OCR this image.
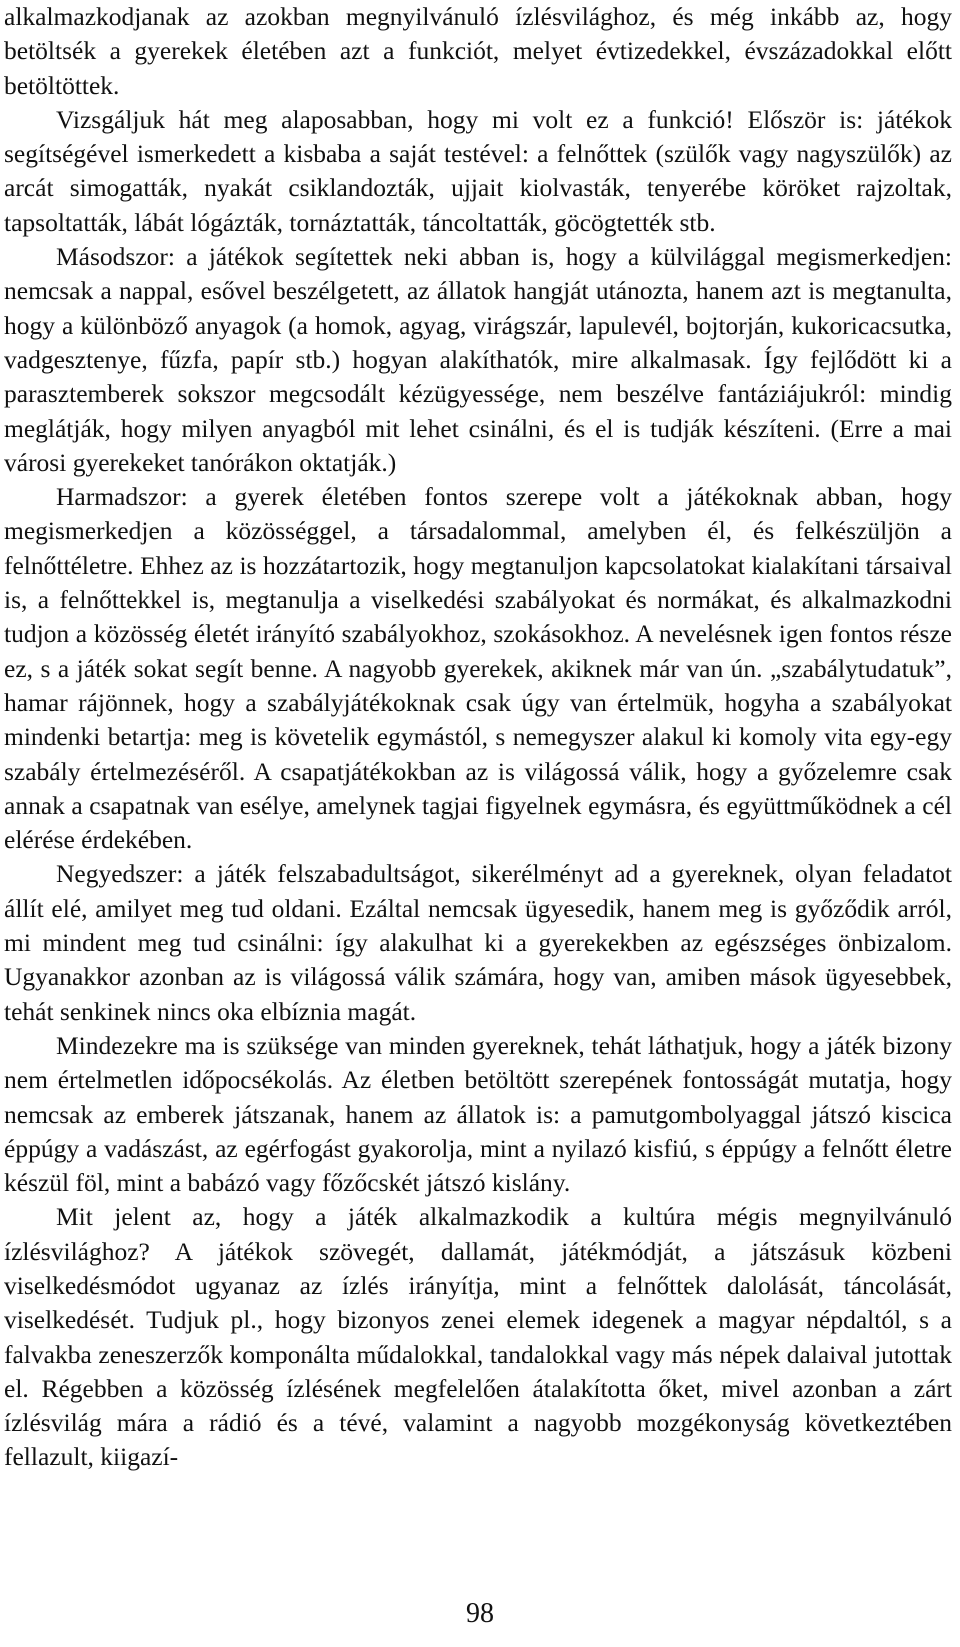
alkalmazkodjanak az azokban megnyilvánuló ízlésvilághoz, és még inkább az, hogy betöltsék a gyerekek életében azt a funkciót, melyet évtizedekkel, évszázadokkal előtt betöltöttek.

Vizsgáljuk hát meg alaposabban, hogy mi volt ez a funkció! Először is: játékok segítségével ismerkedett a kisbaba a saját testével: a felnőttek (szülők vagy nagyszülők) az arcát simogatták, nyakát csiklandozták, ujjait kiolvasták, tenyerébe köröket rajzoltak, tapsoltatták, lábát lógázták, tornáztatták, táncoltatták, göcögtették stb.

Másodszor: a játékok segítettek neki abban is, hogy a külvilággal megismerkedjen: nemcsak a nappal, esővel beszélgetett, az állatok hangját utánozta, hanem azt is megtanulta, hogy a különböző anyagok (a homok, agyag, virágszár, lapulevél, bojtorján, kukoricacsutka, vadgesztenye, fűzfa, papír stb.) hogyan alakíthatók, mire alkalmasak. Így fejlődött ki a parasztemberek sokszor megcsodált kézügyessége, nem beszélve fantáziájukról: mindig meglátják, hogy milyen anyagból mit lehet csinálni, és el is tudják készíteni. (Erre a mai városi gyerekeket tanórákon oktatják.)

Harmadszor: a gyerek életében fontos szerepe volt a játékoknak abban, hogy megismerkedjen a közösséggel, a társadalommal, amelyben él, és felkészüljön a felnőttéletre. Ehhez az is hozzátartozik, hogy megtanuljon kapcsolatokat kialakítani társaival is, a felnőttekkel is, megtanulja a viselkedési szabályokat és normákat, és alkalmazkodni tudjon a közösség életét irányító szabályokhoz, szokásokhoz. A nevelésnek igen fontos része ez, s a játék sokat segít benne. A nagyobb gyerekek, akiknek már van ún. „szabálytudatuk”, hamar rájönnek, hogy a szabályjátékoknak csak úgy van értelmük, hogyha a szabályokat mindenki betartja: meg is követelik egymástól, s nemegyszer alakul ki komoly vita egy-egy szabály értelmezéséről. A csapatjátékokban az is világossá válik, hogy a győzelemre csak annak a csapatnak van esélye, amelynek tagjai figyelnek egymásra, és együttműködnek a cél elérése érdekében.

Negyedszer: a játék felszabadultságot, sikerélményt ad a gyereknek, olyan feladatot állít elé, amilyet meg tud oldani. Ezáltal nemcsak ügyesedik, hanem meg is győződik arról, mi mindent meg tud csinálni: így alakulhat ki a gyerekekben az egészséges önbizalom. Ugyanakkor azonban az is világossá válik számára, hogy van, amiben mások ügyesebbek, tehát senkinek nincs oka elbíznia magát.

Mindezekre ma is szüksége van minden gyereknek, tehát láthatjuk, hogy a játék bizony nem értelmetlen időpocsékolás. Az életben betöltött szerepének fontosságát mutatja, hogy nemcsak az emberek játszanak, hanem az állatok is: a pamutgombolyaggal játszó kiscica éppúgy a vadászást, az egérfogást gyakorolja, mint a nyilazó kisfiú, s éppúgy a felnőtt életre készül föl, mint a babázó vagy főzőcskét játszó kislány.

Mit jelent az, hogy a játék alkalmazkodik a kultúra mégis megnyilvánuló ízlésvilághoz? A játékok szövegét, dallamát, játékmódját, a játszásuk közbeni viselkedésmódot ugyanaz az ízlés irányítja, mint a felnőttek dalolását, táncolását, viselkedését. Tudjuk pl., hogy bizonyos zenei elemek idegenek a magyar népdaltól, s a falvakba zeneszerzők komponálta műdalokkal, tandalokkal vagy más népek dalaival jutottak el. Régebben a közösség ízlésének megfelelően átalakította őket, mivel azonban a zárt ízlésvilág mára a rádió és a tévé, valamint a nagyobb mozgékonyság következtében fellazult, kiigazí-

98
